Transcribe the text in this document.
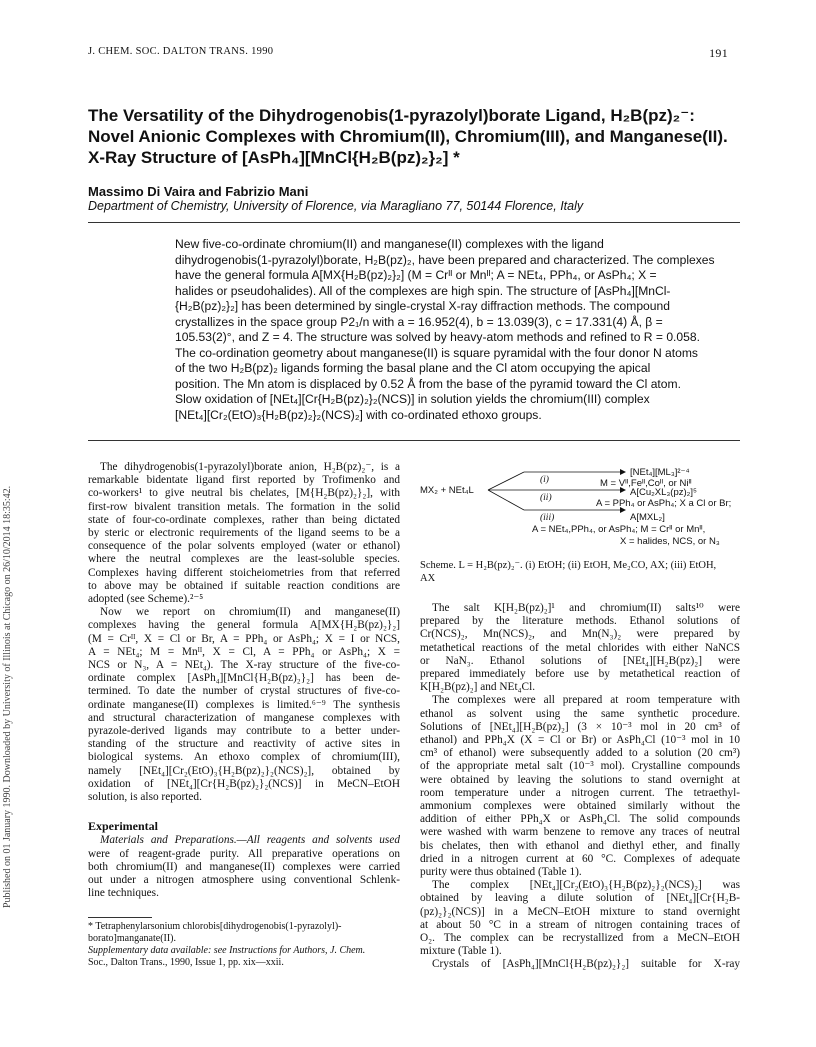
Published on 01 January 1990. Downloaded by University of Illinois at Chicago on 26/10/2014 18:35:42.
J. CHEM. SOC. DALTON TRANS. 1990	191
The Versatility of the Dihydrogenobis(1-pyrazolyl)borate Ligand, H₂B(pz)₂⁻:
Novel Anionic Complexes with Chromium(II), Chromium(III), and Manganese(II).
X-Ray Structure of [AsPh₄][MnCl{H₂B(pz)₂}₂] *

Massimo Di Vaira and Fabrizio Mani

Department of Chemistry, University of Florence, via Maragliano 77, 50144 Florence, Italy

New five-co-ordinate chromium(II) and manganese(II) complexes with the ligand
dihydrogenobis(1-pyrazolyl)borate, H₂B(pz)₂, have been prepared and characterized. The complexes
have the general formula A[MX{H₂B(pz)₂}₂] (M = Crᴵᴵ or Mnᴵᴵ; A = NEt₄, PPh₄, or AsPh₄; X =
halides or pseudohalides). All of the complexes are high spin. The structure of [AsPh₄][MnCl-
{H₂B(pz)₂}₂] has been determined by single-crystal X-ray diffraction methods. The compound
crystallizes in the space group P2₁/n with a = 16.952(4), b = 13.039(3), c = 17.331(4) Å, β =
105.53(2)°, and Z = 4. The structure was solved by heavy-atom methods and refined to R = 0.058.
The co-ordination geometry about manganese(II) is square pyramidal with the four donor N atoms
of the two H₂B(pz)₂ ligands forming the basal plane and the Cl atom occupying the apical
position. The Mn atom is displaced by 0.52 Å from the base of the pyramid toward the Cl atom.
Slow oxidation of [NEt₄][Cr{H₂B(pz)₂}₂(NCS)] in solution yields the chromium(III) complex
[NEt₄][Cr₂(EtO)₃{H₂B(pz)₂}₂(NCS)₂] with co-ordinated ethoxo groups.
The dihydrogenobis(1-pyrazolyl)borate anion, H₂B(pz)₂⁻, is a
remarkable bidentate ligand first reported by Trofimenko and
co-workers¹ to give neutral bis chelates, [M{H₂B(pz)₂}₂], with
first-row bivalent transition metals. The formation in the solid
state of four-co-ordinate complexes, rather than being dictated
by steric or electronic requirements of the ligand seems to be a
consequence of the polar solvents employed (water or ethanol)
where the neutral complexes are the least-soluble species.
Complexes having different stoicheiometries from that referred
to above may be obtained if suitable reaction conditions are
adopted (see Scheme).²⁻⁵
Now we report on chromium(II) and manganese(II)
complexes having the general formula A[MX{H₂B(pz)₂}₂]
(M = Crᴵᴵ, X = Cl or Br, A = PPh₄ or AsPh₄; X = I or NCS,
A = NEt₄; M = Mnᴵᴵ, X = Cl, A = PPh₄ or AsPh₄; X =
NCS or N₃, A = NEt₄). The X-ray structure of the five-co-
ordinate complex [AsPh₄][MnCl{H₂B(pz)₂}₂] has been de-
termined. To date the number of crystal structures of five-co-
ordinate manganese(II) complexes is limited.⁶⁻⁹ The synthesis
and structural characterization of manganese complexes with
pyrazole-derived ligands may contribute to a better under-
standing of the structure and reactivity of active sites in
biological systems. An ethoxo complex of chromium(III),
namely [NEt₄][Cr₂(EtO)₃{H₂B(pz)₂}₂(NCS)₂], obtained by
oxidation of [NEt₄][Cr{H₂B(pz)₂}₂(NCS)] in MeCN–EtOH
solution, is also reported.
Experimental
Materials and Preparations.—All reagents and solvents used
were of reagent-grade purity. All preparative operations on
both chromium(II) and manganese(II) complexes were carried
out under a nitrogen atmosphere using conventional Schlenk-
line techniques.
* Tetraphenylarsonium chlorobis[dihydrogenobis(1-pyrazolyl)-
borato]manganate(II).
Supplementary data available: see Instructions for Authors, J. Chem.
Soc., Dalton Trans., 1990, Issue 1, pp. xix—xxii.
MX₂ + NEt₄L
(i)
(ii)
(iii)
[NEt₄][ML₃]²⁻⁴
M = Vᴵᴵ,Feᴵᴵ,Coᴵᴵ, or Niᴵᴵ
A[Cu₂XL₃(pz)₂]⁵
A = PPh₄ or AsPh₄; X a Cl or Br;
A[MXL₂]
A = NEt₄,PPh₄, or AsPh₄; M = Crᴵᴵ or Mnᴵᴵ,
X = halides, NCS, or N₃
Scheme. L = H₂B(pz)₂⁻. (i) EtOH; (ii) EtOH, Me₂CO, AX; (iii) EtOH,
AX
The salt K[H₂B(pz)₂]¹ and chromium(II) salts¹⁰ were
prepared by the literature methods. Ethanol solutions of
Cr(NCS)₂, Mn(NCS)₂, and Mn(N₃)₂ were prepared by
metathetical reactions of the metal chlorides with either NaNCS
or NaN₃. Ethanol solutions of [NEt₄][H₂B(pz)₂] were
prepared immediately before use by metathetical reaction of
K[H₂B(pz)₂] and NEt₄Cl.
The complexes were all prepared at room temperature with
ethanol as solvent using the same synthetic procedure.
Solutions of [NEt₄][H₂B(pz)₂] (3 × 10⁻³ mol in 20 cm³ of
ethanol) and PPh₄X (X = Cl or Br) or AsPh₄Cl (10⁻³ mol in 10
cm³ of ethanol) were subsequently added to a solution (20 cm³)
of the appropriate metal salt (10⁻³ mol). Crystalline compounds
were obtained by leaving the solutions to stand overnight at
room temperature under a nitrogen current. The tetraethyl-
ammonium complexes were obtained similarly without the
addition of either PPh₄X or AsPh₄Cl. The solid compounds
were washed with warm benzene to remove any traces of neutral
bis chelates, then with ethanol and diethyl ether, and finally
dried in a nitrogen current at 60 °C. Complexes of adequate
purity were thus obtained (Table 1).
The complex [NEt₄][Cr₂(EtO)₃{H₂B(pz)₂}₂(NCS)₂] was
obtained by leaving a dilute solution of [NEt₄][Cr{H₂B-
(pz)₂}₂(NCS)] in a MeCN–EtOH mixture to stand overnight
at about 50 °C in a stream of nitrogen containing traces of
O₂. The complex can be recrystallized from a MeCN–EtOH
mixture (Table 1).
Crystals of [AsPh₄][MnCl{H₂B(pz)₂}₂] suitable for X-ray
